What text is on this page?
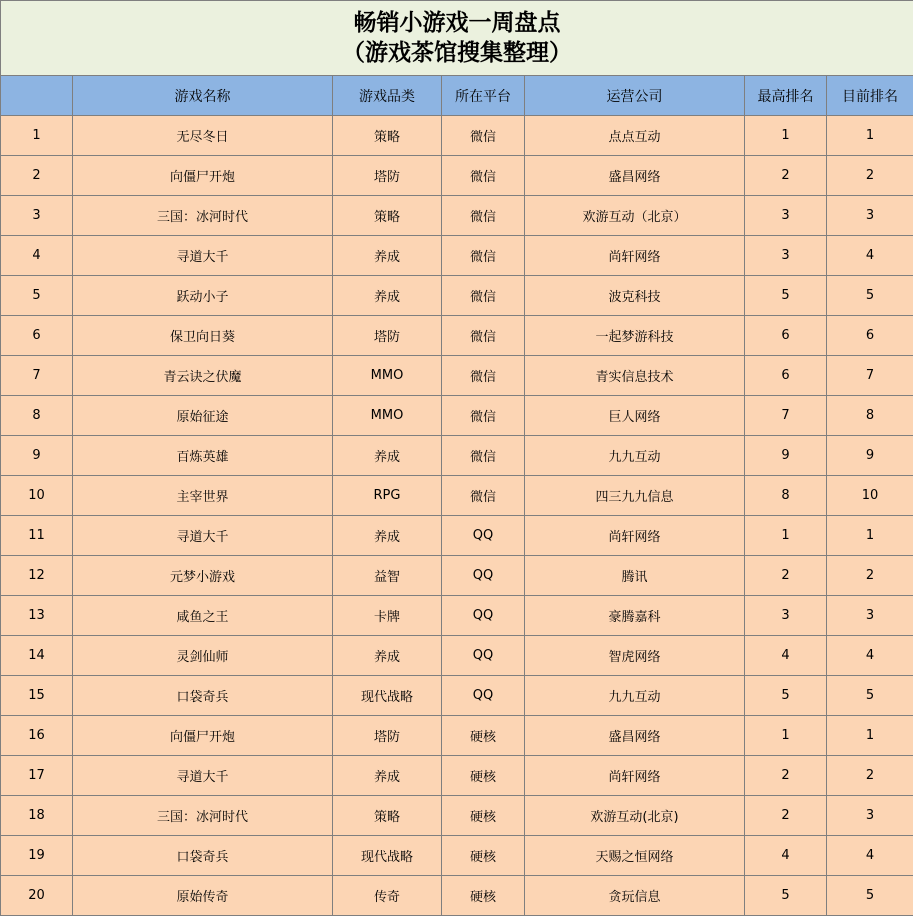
畅销小游戏一周盘点
（游戏茶馆搜集整理）						

	游戏名称	游戏品类	所在平台	运营公司	最高排名	目前排名
1	无尽冬日	策略	微信	点点互动	1	1
2	向僵尸开炮	塔防	微信	盛昌网络	2	2
3	三国：冰河时代	策略	微信	欢游互动（北京）	3	3
4	寻道大千	养成	微信	尚轩网络	3	4
5	跃动小子	养成	微信	波克科技	5	5
6	保卫向日葵	塔防	微信	一起梦游科技	6	6
7	青云诀之伏魔	MMO	微信	青实信息技术	6	7
8	原始征途	MMO	微信	巨人网络	7	8
9	百炼英雄	养成	微信	九九互动	9	9
10	主宰世界	RPG	微信	四三九九信息	8	10
11	寻道大千	养成	QQ	尚轩网络	1	1
12	元梦小游戏	益智	QQ	腾讯	2	2
13	咸鱼之王	卡牌	QQ	豪腾嘉科	3	3
14	灵剑仙师	养成	QQ	智虎网络	4	4
15	口袋奇兵	现代战略	QQ	九九互动	5	5
16	向僵尸开炮	塔防	硬核	盛昌网络	1	1
17	寻道大千	养成	硬核	尚轩网络	2	2
18	三国：冰河时代	策略	硬核	欢游互动(北京)	2	3
19	口袋奇兵	现代战略	硬核	天赐之恒网络	4	4
20	原始传奇	传奇	硬核	贪玩信息	5	5
